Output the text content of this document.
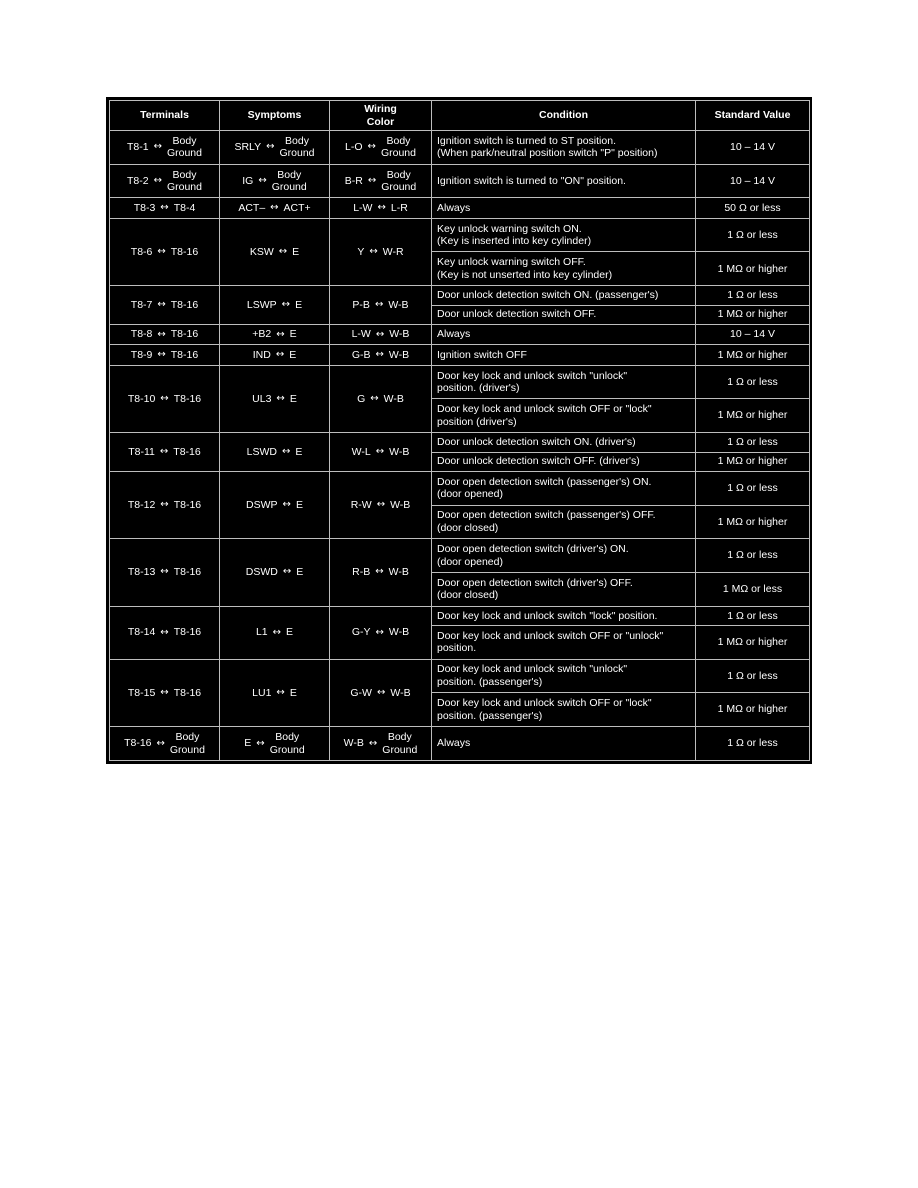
Terminals	Symptoms	Wiring
Color	Condition	Standard Value

T8-1 ↔ Body
Ground	SRLY ↔ Body
Ground	L-O ↔ Body
Ground	Ignition switch is turned to ST position.
(When park/neutral position switch "P" position)	10 – 14 V

T8-2 ↔ Body
Ground	IG ↔ Body
Ground	B-R ↔ Body
Ground	Ignition switch is turned to "ON" position.	10 – 14 V

T8-3 ↔ T8-4	ACT– ↔ ACT+	L-W ↔ L-R	Always	50 Ω or less

T8-6 ↔ T8-16	KSW ↔ E	Y ↔ W-R	Key unlock warning switch ON.
(Key is inserted into key cylinder)	1 Ω or less

			Key unlock warning switch OFF.
(Key is not unserted into key cylinder)	1 MΩ or higher

T8-7 ↔ T8-16	LSWP ↔ E	P-B ↔ W-B	Door unlock detection switch ON. (passenger's)	1 Ω or less

			Door unlock detection switch OFF.	1 MΩ or higher

T8-8 ↔ T8-16	+B2 ↔ E	L-W ↔ W-B	Always	10 – 14 V

T8-9 ↔ T8-16	IND ↔ E	G-B ↔ W-B	Ignition switch OFF	1 MΩ or higher

T8-10 ↔ T8-16	UL3 ↔ E	G ↔ W-B	Door key lock and unlock switch "unlock"
position. (driver's)	1 Ω or less

			Door key lock and unlock switch OFF or "lock"
position (driver's)	1 MΩ or higher

T8-11 ↔ T8-16	LSWD ↔ E	W-L ↔ W-B	Door unlock detection switch ON. (driver's)	1 Ω or less

			Door unlock detection switch OFF. (driver's)	1 MΩ or higher

T8-12 ↔ T8-16	DSWP ↔ E	R-W ↔ W-B	Door open detection switch (passenger's) ON.
(door opened)	1 Ω or less

			Door open detection switch (passenger's) OFF.
(door closed)	1 MΩ or higher

T8-13 ↔ T8-16	DSWD ↔ E	R-B ↔ W-B	Door open detection switch (driver's) ON.
(door opened)	1 Ω or less

			Door open detection switch (driver's) OFF.
(door closed)	1 MΩ or less

T8-14 ↔ T8-16	L1 ↔ E	G-Y ↔ W-B	Door key lock and unlock switch "lock" position.	1 Ω or less

			Door key lock and unlock switch OFF or "unlock"
position.	1 MΩ or higher

T8-15 ↔ T8-16	LU1 ↔ E	G-W ↔ W-B	Door key lock and unlock switch "unlock"
position. (passenger's)	1 Ω or less

			Door key lock and unlock switch OFF or "lock"
position. (passenger's)	1 MΩ or higher

T8-16 ↔ Body
Ground	E ↔ Body
Ground	W-B ↔ Body
Ground	Always	1 Ω or less
